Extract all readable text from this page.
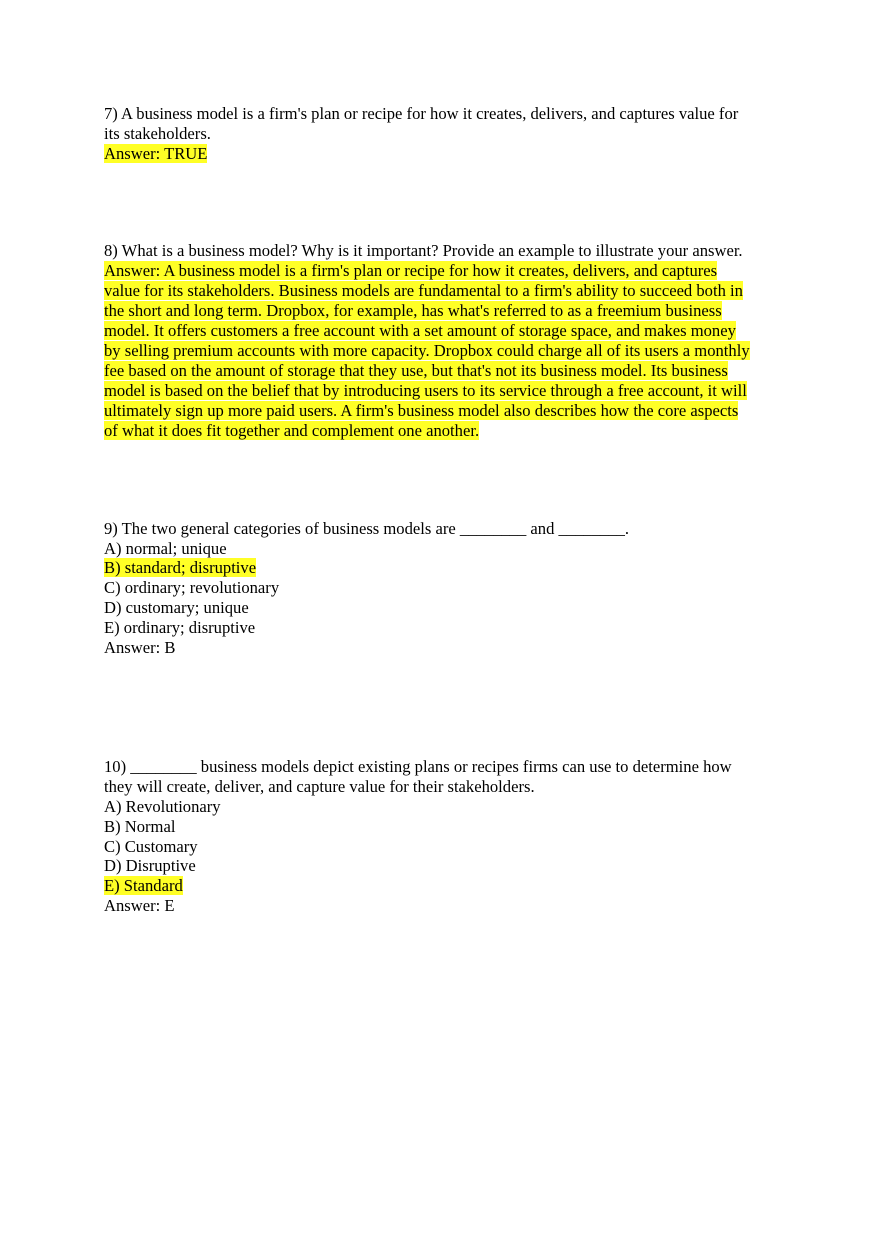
7) A business model is a firm's plan or recipe for how it creates, delivers, and captures value for
its stakeholders.
Answer: TRUE
8) What is a business model? Why is it important? Provide an example to illustrate your answer.
Answer: A business model is a firm's plan or recipe for how it creates, delivers, and captures
value for its stakeholders. Business models are fundamental to a firm's ability to succeed both in
the short and long term. Dropbox, for example, has what's referred to as a freemium business
model. It offers customers a free account with a set amount of storage space, and makes money
by selling premium accounts with more capacity. Dropbox could charge all of its users a monthly
fee based on the amount of storage that they use, but that's not its business model. Its business
model is based on the belief that by introducing users to its service through a free account, it will
ultimately sign up more paid users. A firm's business model also describes how the core aspects
of what it does fit together and complement one another.
9) The two general categories of business models are ________ and ________.
A) normal; unique
B) standard; disruptive
C) ordinary; revolutionary
D) customary; unique
E) ordinary; disruptive
Answer: B
10) ________ business models depict existing plans or recipes firms can use to determine how
they will create, deliver, and capture value for their stakeholders.
A) Revolutionary
B) Normal
C) Customary
D) Disruptive
E) Standard
Answer: E
